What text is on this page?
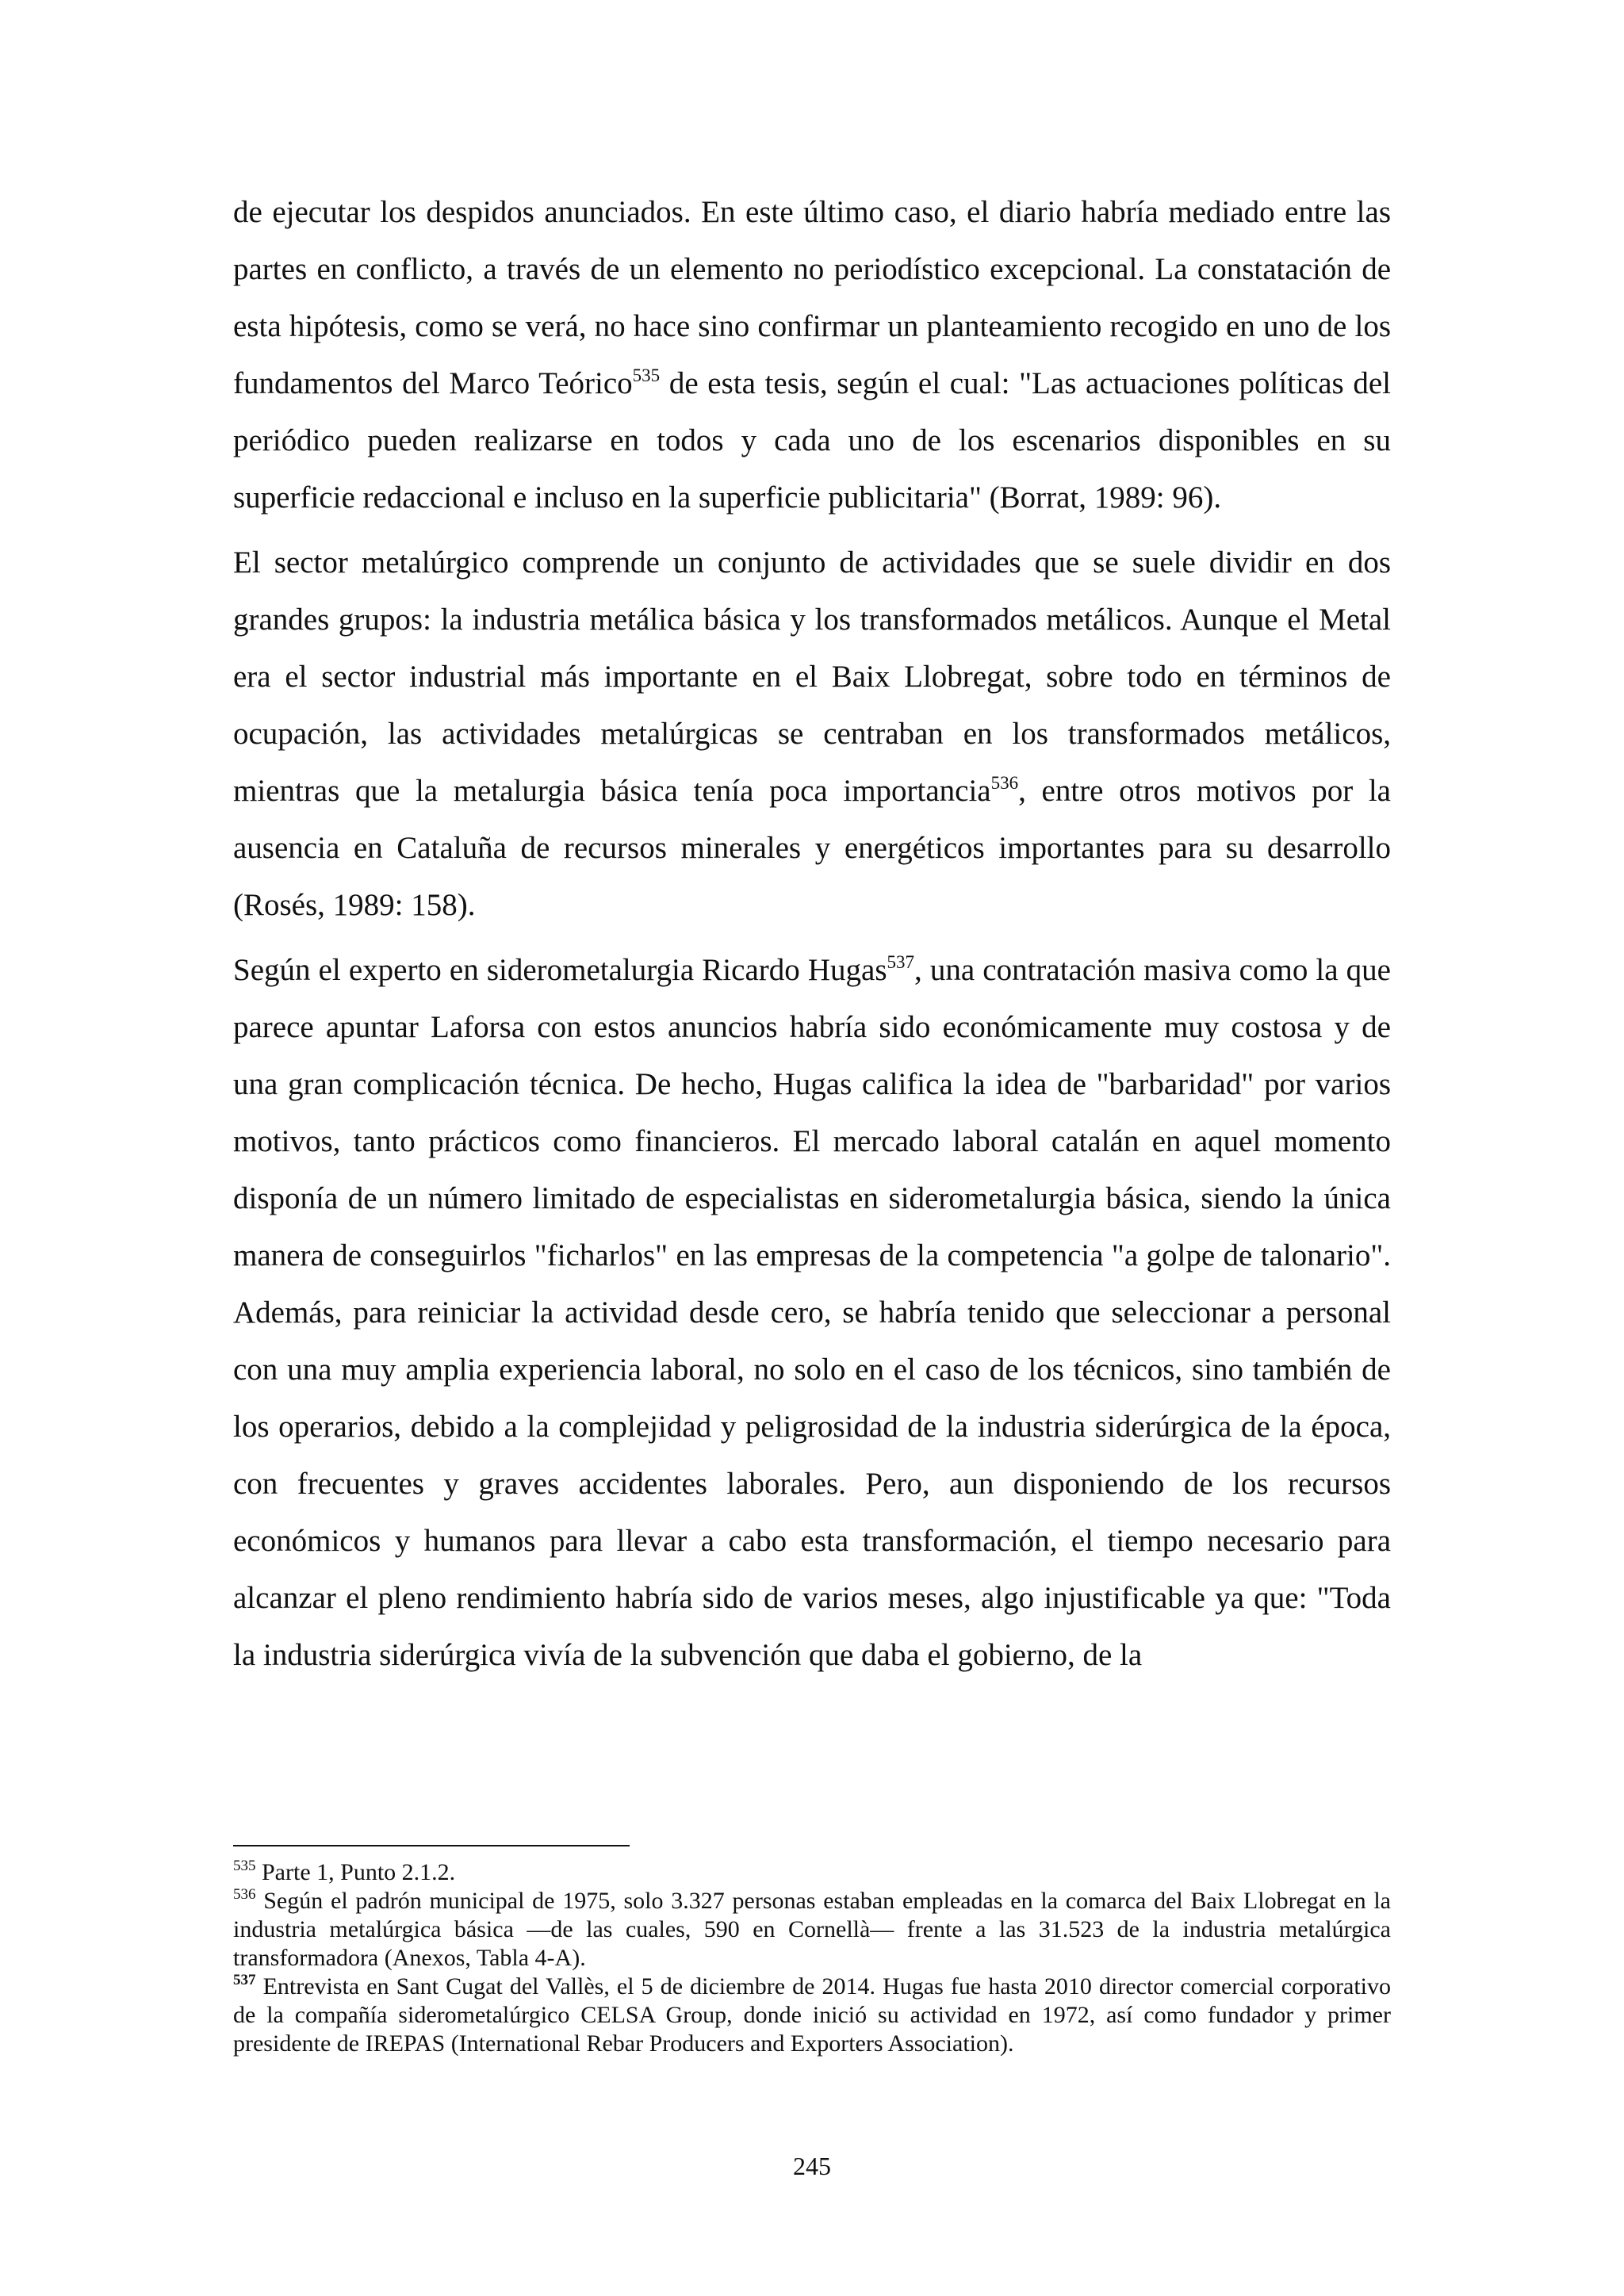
de ejecutar los despidos anunciados. En este último caso, el diario habría mediado entre las partes en conflicto, a través de un elemento no periodístico excepcional. La constatación de esta hipótesis, como se verá, no hace sino confirmar un planteamiento recogido en uno de los fundamentos del Marco Teórico$^{535}$ de esta tesis, según el cual: "Las actuaciones políticas del periódico pueden realizarse en todos y cada uno de los escenarios disponibles en su superficie redaccional e incluso en la superficie publicitaria" (Borrat, 1989: 96).

El sector metalúrgico comprende un conjunto de actividades que se suele dividir en dos grandes grupos: la industria metálica básica y los transformados metálicos. Aunque el Metal era el sector industrial más importante en el Baix Llobregat, sobre todo en términos de ocupación, las actividades metalúrgicas se centraban en los transformados metálicos, mientras que la metalurgia básica tenía poca importancia$^{536}$, entre otros motivos por la ausencia en Cataluña de recursos minerales y energéticos importantes para su desarrollo (Rosés, 1989: 158).

Según el experto en siderometalurgia Ricardo Hugas$^{537}$, una contratación masiva como la que parece apuntar Laforsa con estos anuncios habría sido económicamente muy costosa y de una gran complicación técnica. De hecho, Hugas califica la idea de "barbaridad" por varios motivos, tanto prácticos como financieros. El mercado laboral catalán en aquel momento disponía de un número limitado de especialistas en siderometalurgia básica, siendo la única manera de conseguirlos "ficharlos" en las empresas de la competencia "a golpe de talonario". Además, para reiniciar la actividad desde cero, se habría tenido que seleccionar a personal con una muy amplia experiencia laboral, no solo en el caso de los técnicos, sino también de los operarios, debido a la complejidad y peligrosidad de la industria siderúrgica de la época, con frecuentes y graves accidentes laborales. Pero, aun disponiendo de los recursos económicos y humanos para llevar a cabo esta transformación, el tiempo necesario para alcanzar el pleno rendimiento habría sido de varios meses, algo injustificable ya que: "Toda la industria siderúrgica vivía de la subvención que daba el gobierno, de la

$^{535}$ Parte 1, Punto 2.1.2.

$^{536}$ Según el padrón municipal de 1975, solo 3.327 personas estaban empleadas en la comarca del Baix Llobregat en la industria metalúrgica básica —de las cuales, 590 en Cornellà— frente a las 31.523 de la industria metalúrgica transformadora (Anexos, Tabla 4-A).

$^{537}$ Entrevista en Sant Cugat del Vallès, el 5 de diciembre de 2014. Hugas fue hasta 2010 director comercial corporativo de la compañía siderometalúrgico CELSA Group, donde inició su actividad en 1972, así como fundador y primer presidente de IREPAS (International Rebar Producers and Exporters Association).

245
